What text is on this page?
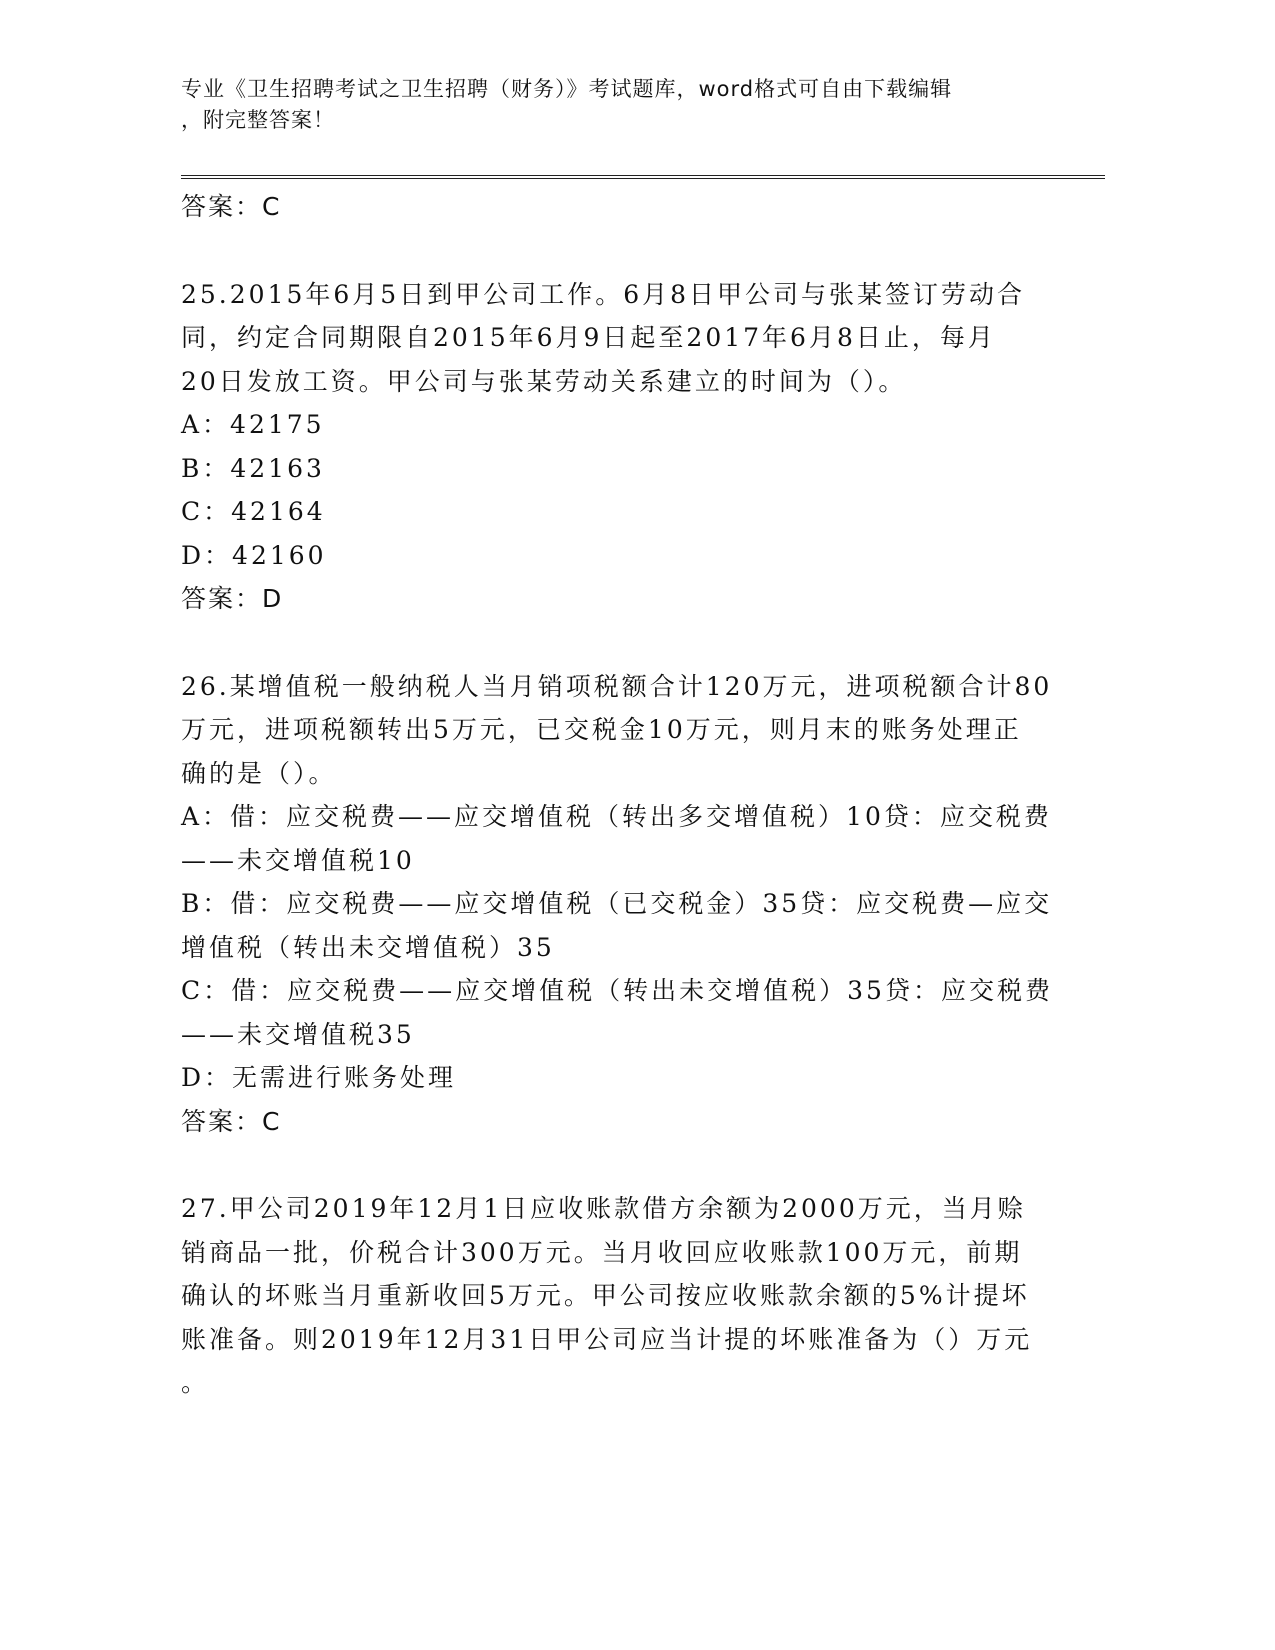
专业《卫生招聘考试之卫生招聘（财务）》考试题库，word格式可自由下载编辑
，附完整答案！
答案：C
25.2015年6月5日到甲公司工作。6月8日甲公司与张某签订劳动合
同，约定合同期限自2015年6月9日起至2017年6月8日止，每月
20日发放工资。甲公司与张某劳动关系建立的时间为（）。
A：42175
B：42163
C：42164
D：42160
答案：D
26.某增值税一般纳税人当月销项税额合计120万元，进项税额合计80
万元，进项税额转出5万元，已交税金10万元，则月末的账务处理正
确的是（）。
A：借：应交税费——应交增值税（转出多交增值税）10贷：应交税费
——未交增值税10
B：借：应交税费——应交增值税（已交税金）35贷：应交税费—应交
增值税（转出未交增值税）35
C：借：应交税费——应交增值税（转出未交增值税）35贷：应交税费
——未交增值税35
D：无需进行账务处理
答案：C
27.甲公司2019年12月1日应收账款借方余额为2000万元，当月赊
销商品一批，价税合计300万元。当月收回应收账款100万元，前期
确认的坏账当月重新收回5万元。甲公司按应收账款余额的5%计提坏
账准备。则2019年12月31日甲公司应当计提的坏账准备为（）万元
。
